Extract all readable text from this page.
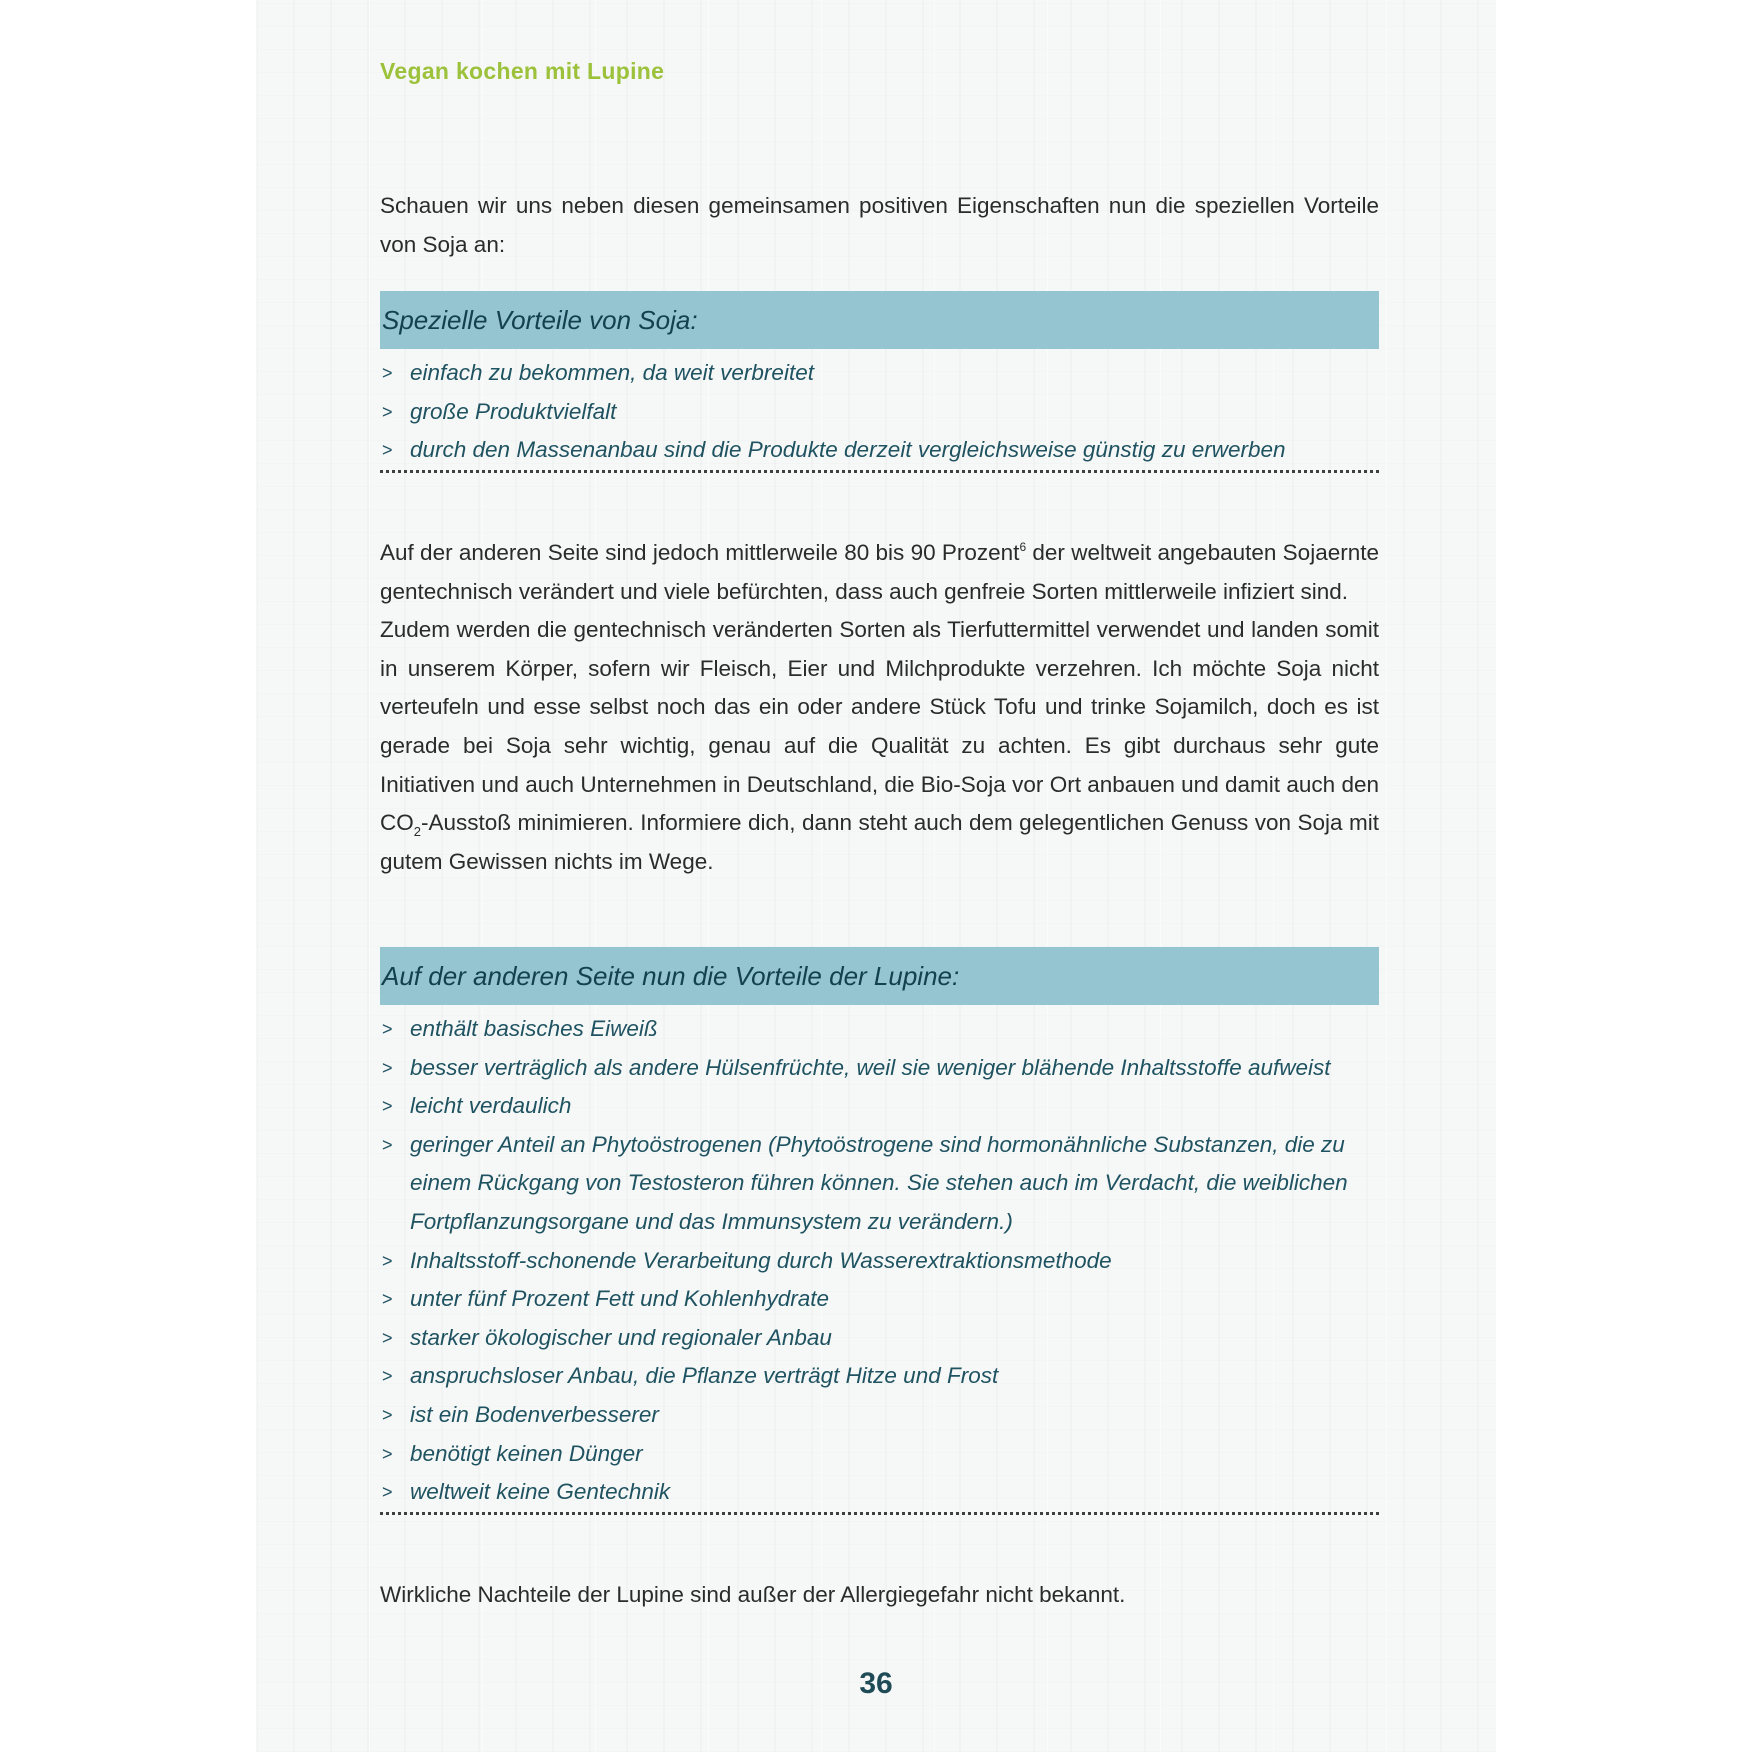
Vegan kochen mit Lupine

Schauen wir uns neben diesen gemeinsamen positiven Eigenschaften nun die speziellen Vorteile von Soja an:

Spezielle Vorteile von Soja:
> einfach zu bekommen, da weit verbreitet
> große Produktvielfalt
> durch den Massenanbau sind die Produkte derzeit vergleichsweise günstig zu erwerben

Auf der anderen Seite sind jedoch mittlerweile 80 bis 90 Prozent$^6$ der weltweit angebauten Sojaernte gentechnisch verändert und viele befürchten, dass auch genfreie Sorten mittlerweile infiziert sind.

Zudem werden die gentechnisch veränderten Sorten als Tierfuttermittel verwendet und landen somit in unserem Körper, sofern wir Fleisch, Eier und Milchprodukte verzehren. Ich möchte Soja nicht verteufeln und esse selbst noch das ein oder andere Stück Tofu und trinke Sojamilch, doch es ist gerade bei Soja sehr wichtig, genau auf die Qualität zu achten. Es gibt durchaus sehr gute Initiativen und auch Unternehmen in Deutschland, die Bio-Soja vor Ort anbauen und damit auch den $CO_2$-Ausstoß minimieren. Informiere dich, dann steht auch dem gelegentlichen Genuss von Soja mit gutem Gewissen nichts im Wege.

Auf der anderen Seite nun die Vorteile der Lupine:
> enthält basisches Eiweiß
> besser verträglich als andere Hülsenfrüchte, weil sie weniger blähende Inhaltsstoffe aufweist
> leicht verdaulich
> geringer Anteil an Phytoöstrogenen (Phytoöstrogene sind hormonähnliche Substanzen, die zu einem Rückgang von Testosteron führen können. Sie stehen auch im Verdacht, die weiblichen Fortpflanzungsorgane und das Immunsystem zu verändern.)
> Inhaltsstoff-schonende Verarbeitung durch Wasserextraktionsmethode
> unter fünf Prozent Fett und Kohlenhydrate
> starker ökologischer und regionaler Anbau
> anspruchsloser Anbau, die Pflanze verträgt Hitze und Frost
> ist ein Bodenverbesserer
> benötigt keinen Dünger
> weltweit keine Gentechnik

Wirkliche Nachteile der Lupine sind außer der Allergiegefahr nicht bekannt.

36
